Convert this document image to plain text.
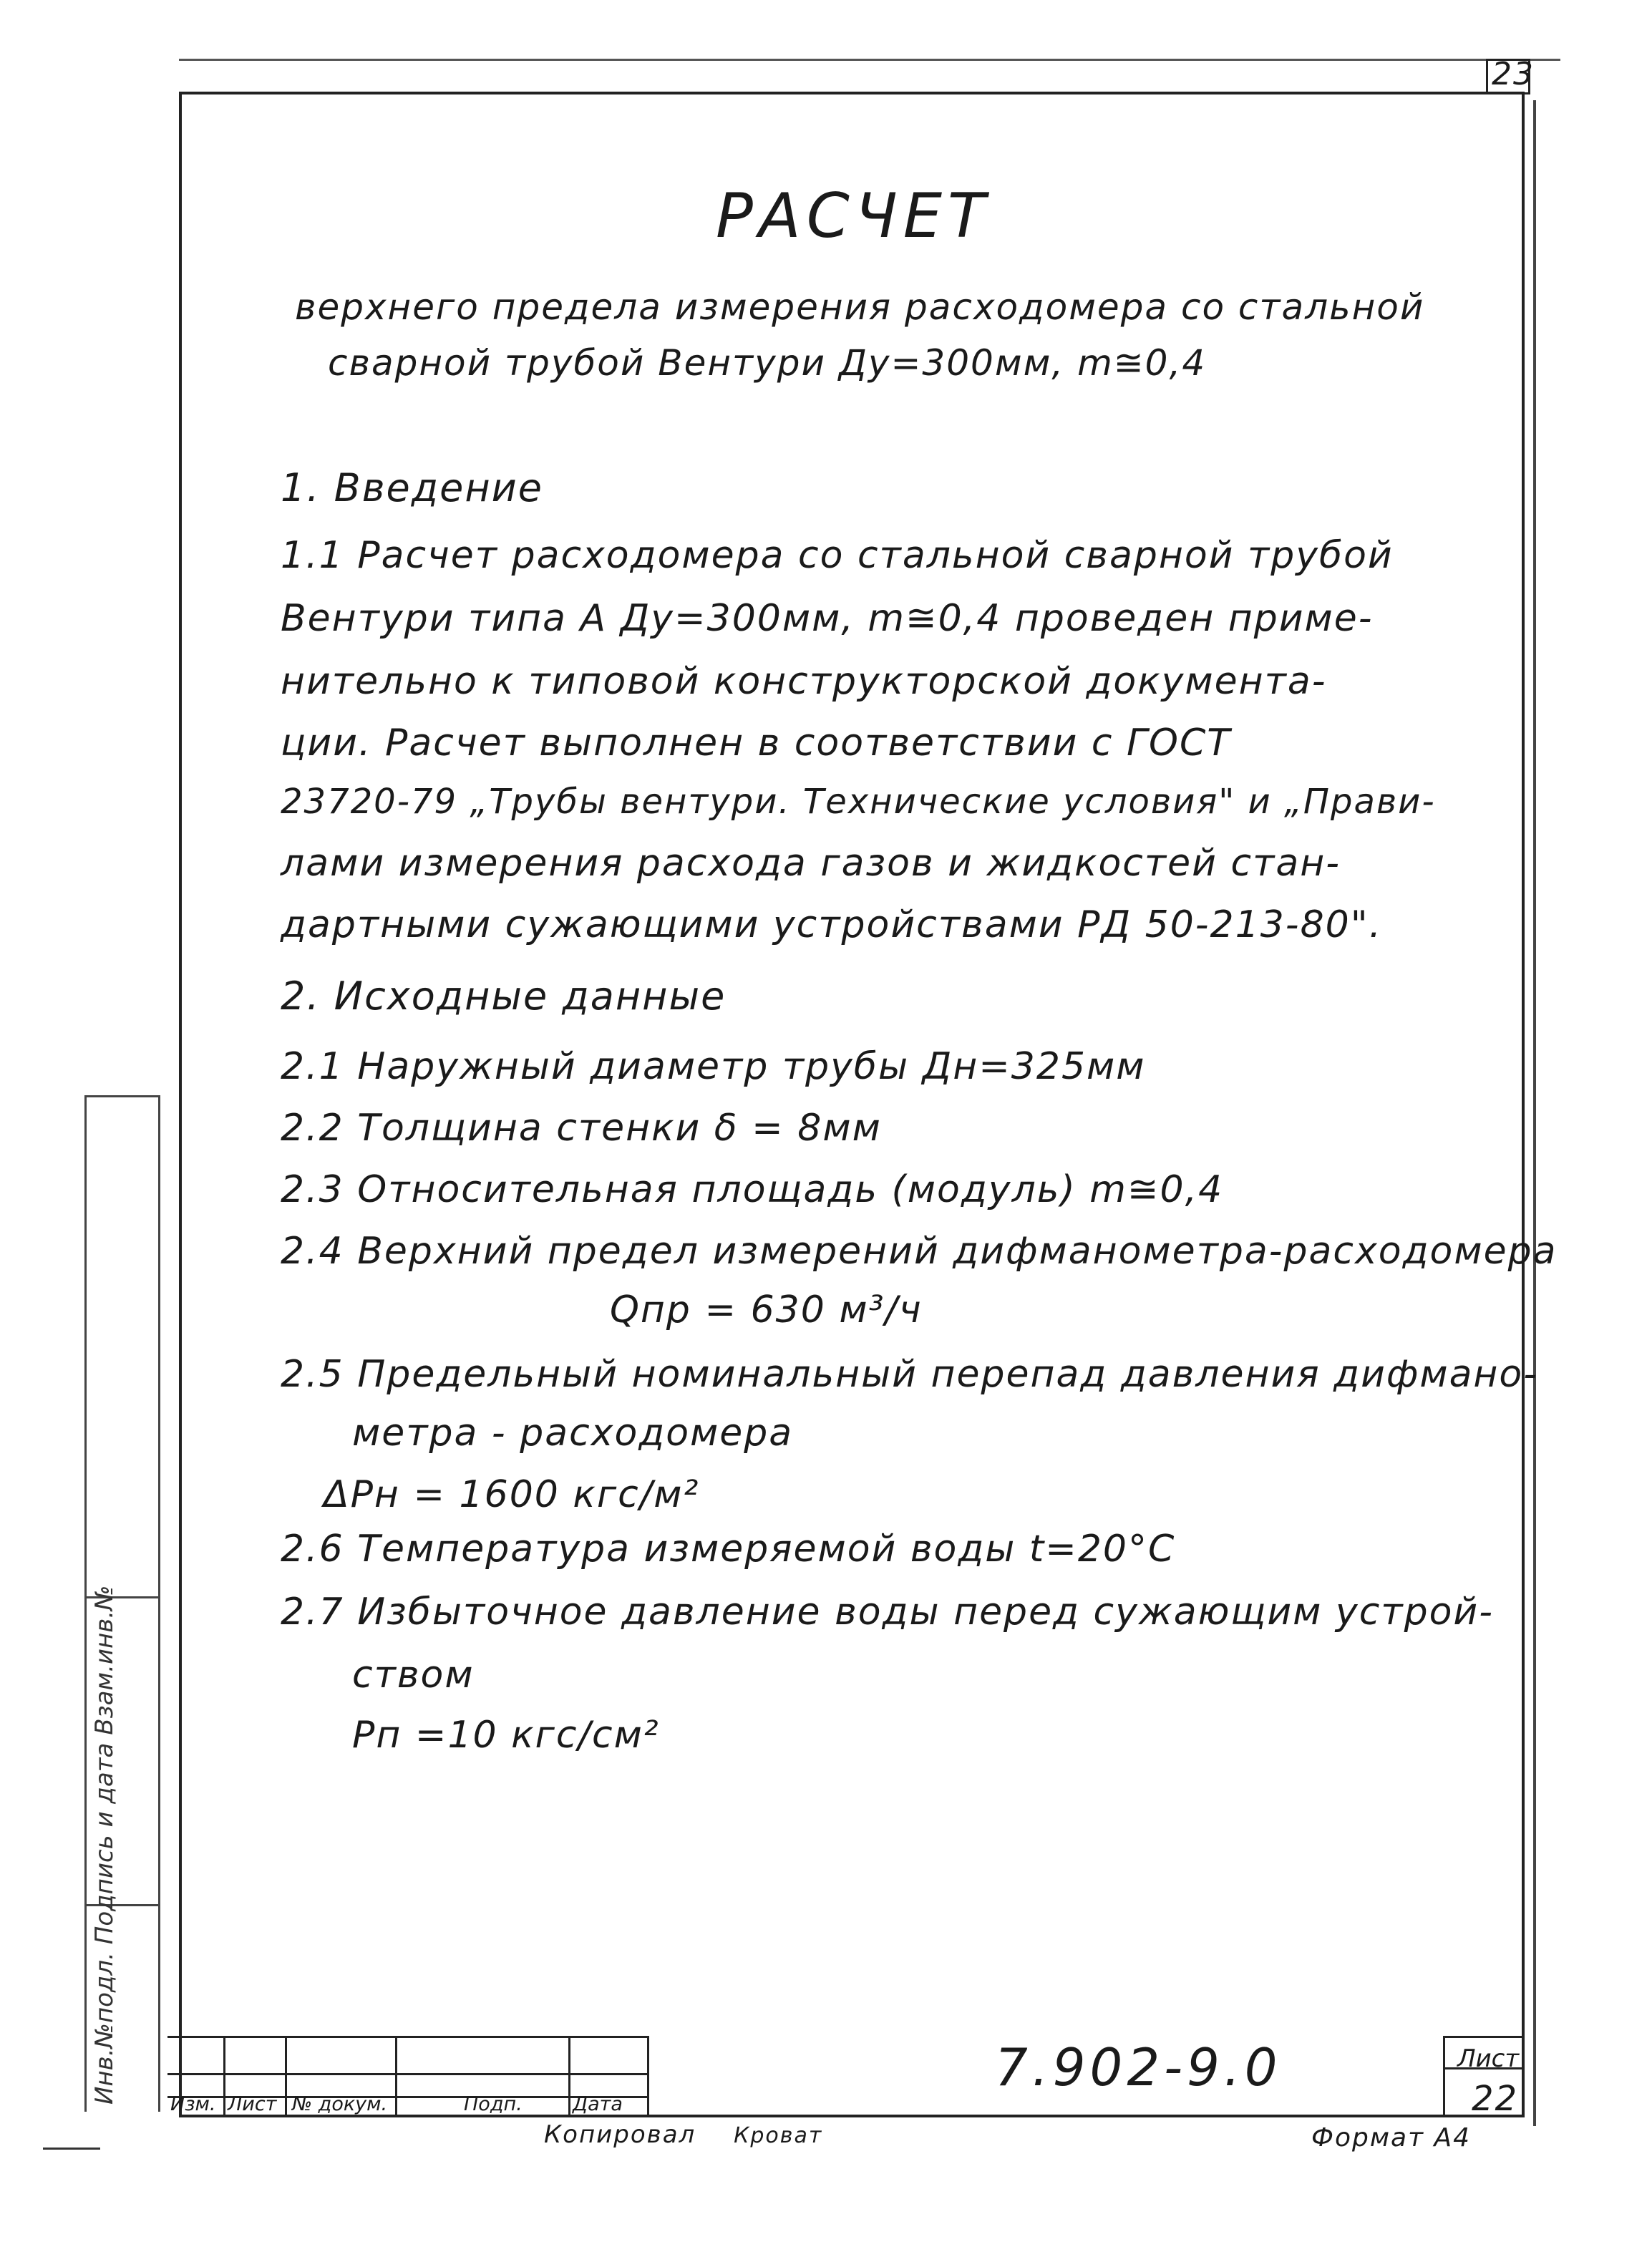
23
РАСЧЕТ
верхнего предела измерения расходомера со стальной
сварной трубой Вентури Ду=300мм, m≅0,4
1. Введение
1.1 Расчет расходомера со стальной сварной трубой
Вентури типа А Ду=300мм, m≅0,4 проведен приме-
нительно к типовой конструкторской документа-
ции. Расчет выполнен в соответствии с ГОСТ
23720-79 „Трубы вентури. Технические условия" и „Прави-
лами измерения расхода газов и жидкостей стан-
дартными сужающими устройствами РД 50-213-80".
2. Исходные данные
2.1 Наружный диаметр трубы Дн=325мм
2.2 Толщина стенки δ = 8мм
2.3 Относительная площадь (модуль) m≅0,4
2.4 Верхний предел измерений дифманометра-расходомера
Qпр = 630 м³/ч
2.5 Предельный номинальный перепад давления дифмано-
метра - расходомера
ΔPн = 1600 кгс/м²
2.6 Температура измеряемой воды t=20°С
2.7 Избыточное давление воды перед сужающим устрой-
ством
Pп =10 кгс/см²
Изм. Лист № докум.	Подп.	Дата
7.902-9.0	Лист
22
Копировал Кроват	Формат А4
Инв.№подл. Подпись и дата Взам.инв.№
